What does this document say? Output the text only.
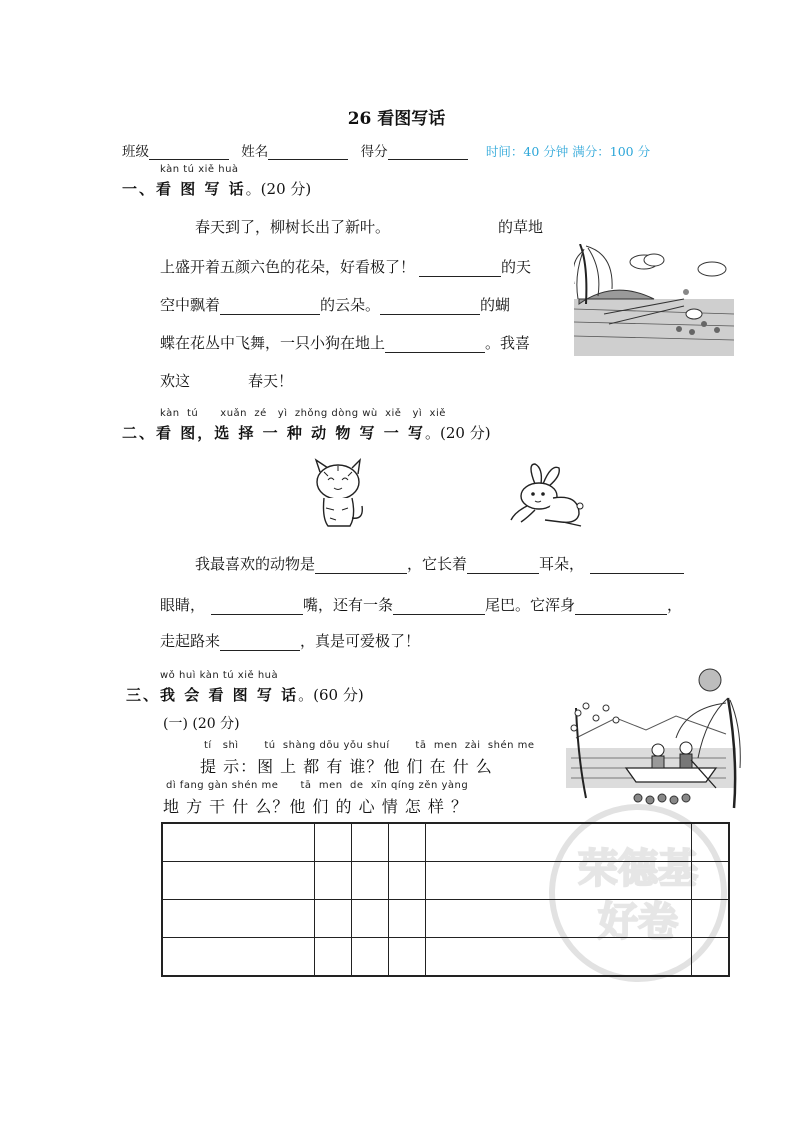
26 看图写话
班级	姓名	得分	时间：40 分钟 满分：100 分
kàn tú xiě huà
一、看 图 写 话。(20 分)
春天到了，柳树长出了新叶。	的草地
上盛开着五颜六色的花朵，好看极了！	的天
空中飘着	的云朵。	的蝴
蝶在花丛中飞舞，一只小狗在地上	。我喜
欢这	春天！
kàn  tú      xuǎn  zé   yì  zhǒng dòng wù  xiě   yì  xiě
二、看 图，选 择 一 种 动 物 写 一 写。(20 分)
我最喜欢的动物是	，它长着	耳朵，
眼睛，	嘴，还有一条	尾巴。它浑身	，
走起路来	，真是可爱极了！
wǒ huì kàn tú xiě huà
三、我 会 看 图 写 话。(60 分)
(一) (20 分)
tí   shì       tú  shàng dōu yǒu shuí       tā  men  zài  shén me
提 示：图 上 都 有 谁？他 们 在 什 么
dì fang gàn shén me      tā  men  de  xīn qíng zěn yàng
地 方 干 什 么？他 们 的 心 情 怎 样 ？
荣德基
好卷
